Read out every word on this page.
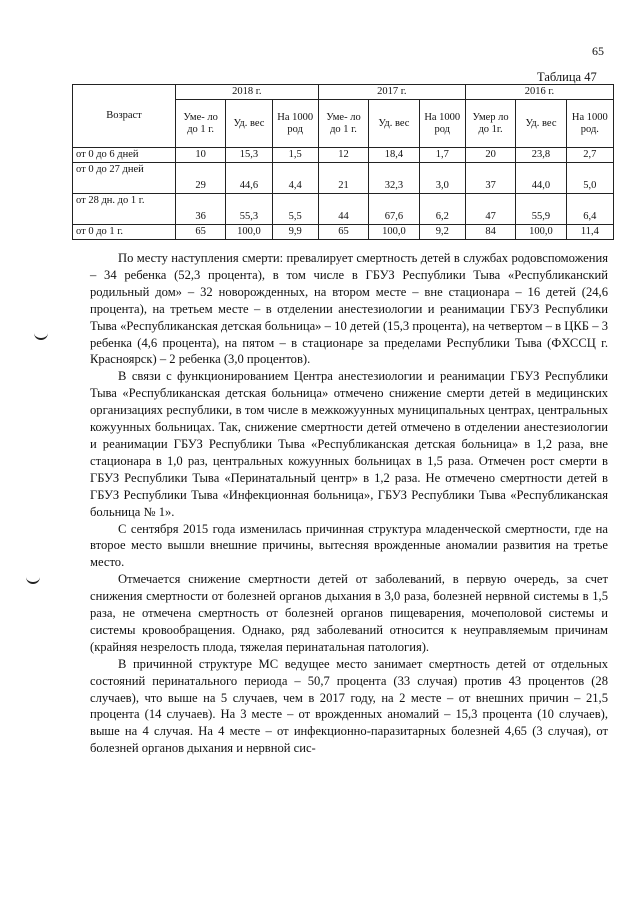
65
Таблица 47
Возраст	2018 г.			2017 г.			2016 г.		
	Уме- ло до 1 г.	Уд. вес	На 1000 род	Уме- ло до 1 г.	Уд. вес	На 1000 род	Умер ло до 1г.	Уд. вес	На 1000 род.
от 0 до 6 дней	10	15,3	1,5	12	18,4	1,7	20	23,8	2,7
от 0 до 27 дней	29	44,6	4,4	21	32,3	3,0	37	44,0	5,0
от 28 дн. до 1 г.	36	55,3	5,5	44	67,6	6,2	47	55,9	6,4
от 0 до 1 г.	65	100,0	9,9	65	100,0	9,2	84	100,0	11,4

По месту наступления смерти: превалирует смертность детей в службах родовспоможения – 34 ребенка (52,3 процента), в том числе в ГБУЗ Республики Тыва «Республиканский родильный дом» – 32 новорожденных, на втором месте – вне стационара – 16 детей (24,6 процента), на третьем месте – в отделении анестезиологии и реанимации ГБУЗ Республики Тыва «Республиканская детская больница» – 10 детей (15,3 процента), на четвертом – в ЦКБ – 3 ребенка (4,6 процента), на пятом – в стационаре за пределами Республики Тыва (ФХССЦ г. Красноярск) – 2 ребенка (3,0 процентов).

В связи с функционированием Центра анестезиологии и реанимации ГБУЗ Республики Тыва «Республиканская детская больница» отмечено снижение смерти детей в медицинских организациях республики, в том числе в межкожуунных муниципальных центрах, центральных кожуунных больницах. Так, снижение смертности детей отмечено в отделении анестезиологии и реанимации ГБУЗ Республики Тыва «Республиканская детская больница» в 1,2 раза, вне стационара в 1,0 раз, центральных кожуунных больницах в 1,5 раза. Отмечен рост смерти в ГБУЗ Республики Тыва «Перинатальный центр» в 1,2 раза. Не отмечено смертности детей в ГБУЗ Республики Тыва «Инфекционная больница», ГБУЗ Республики Тыва «Республиканская больница № 1».

С сентября 2015 года изменилась причинная структура младенческой смертности, где на второе место вышли внешние причины, вытесняя врожденные аномалии развития на третье место.

Отмечается снижение смертности детей от заболеваний, в первую очередь, за счет снижения смертности от болезней органов дыхания в 3,0 раза, болезней нервной системы в 1,5 раза, не отмечена смертность от болезней органов пищеварения, мочеполовой системы и системы кровообращения. Однако, ряд заболеваний относится к неуправляемым причинам (крайняя незрелость плода, тяжелая перинатальная патология).

В причинной структуре МС ведущее место занимает смертность детей от отдельных состояний перинатального периода – 50,7 процента (33 случая) против 43 процентов (28 случаев), что выше на 5 случаев, чем в 2017 году, на 2 месте – от внешних причин – 21,5 процента (14 случаев). На 3 месте – от врожденных аномалий – 15,3 процента (10 случаев), выше на 4 случая. На 4 месте – от инфекционно-паразитарных болезней 4,65 (3 случая), от болезней органов дыхания и нервной сис-
